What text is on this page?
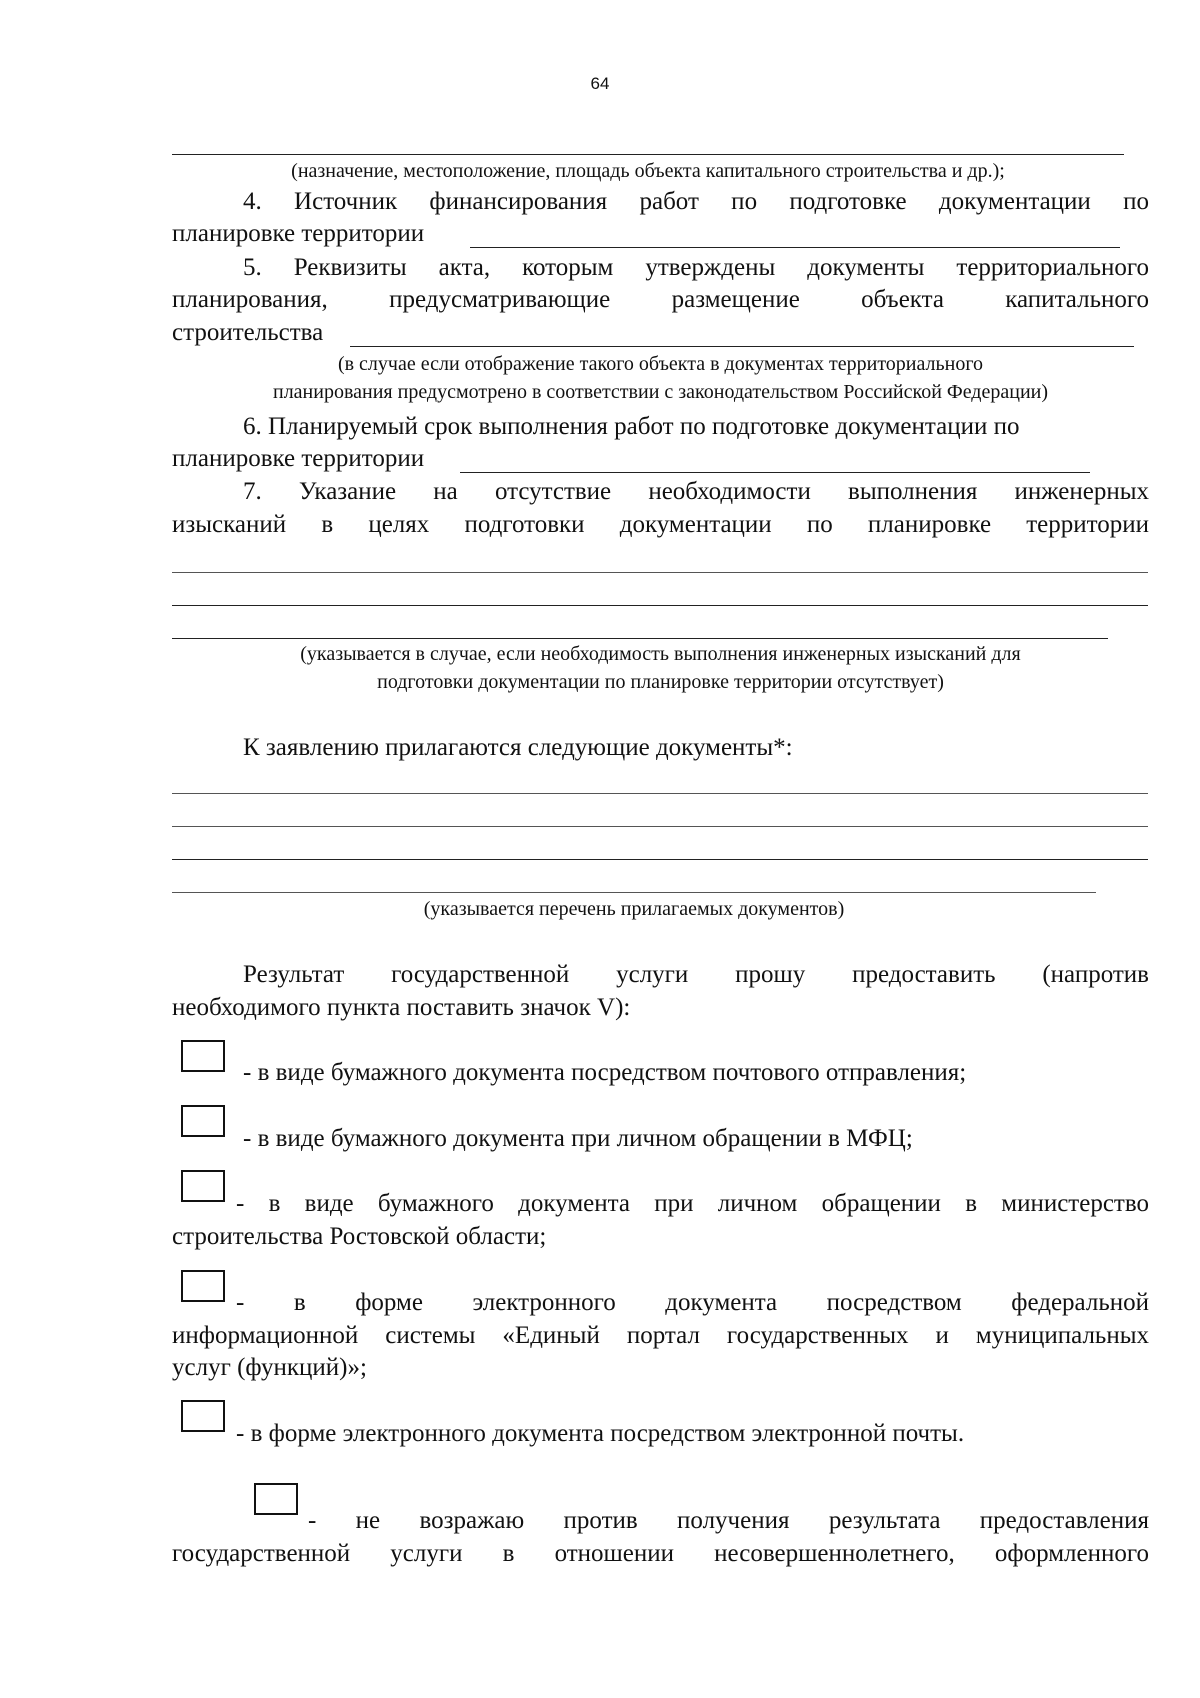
64
(назначение, местоположение, площадь объекта капитального строительства и др.);
4. Источник финансирования работ по подготовке документации по
планировке территории
5. Реквизиты акта, которым утверждены документы территориального
планирования, предусматривающие размещение объекта капитального
строительства
(в случае если отображение такого объекта в документах территориального
планирования предусмотрено в соответствии с законодательством Российской Федерации)
6. Планируемый срок выполнения работ по подготовке документации по
планировке территории
7. Указание на отсутствие необходимости выполнения инженерных
изысканий в целях подготовки документации по планировке территории
(указывается в случае, если необходимость выполнения инженерных изысканий для
подготовки документации по планировке территории отсутствует)
К заявлению прилагаются следующие документы*:
(указывается перечень прилагаемых документов)
Результат государственной услуги прошу предоставить (напротив
необходимого пункта поставить значок V):
- в виде бумажного документа посредством почтового отправления;
- в виде бумажного документа при личном обращении в МФЦ;
- в виде бумажного документа при личном обращении в министерство
строительства Ростовской области;
- в форме электронного документа посредством федеральной
информационной системы «Единый портал государственных и муниципальных
услуг (функций)»;
- в форме электронного документа посредством электронной почты.
- не возражаю против получения результата предоставления
государственной услуги в отношении несовершеннолетнего, оформленного
